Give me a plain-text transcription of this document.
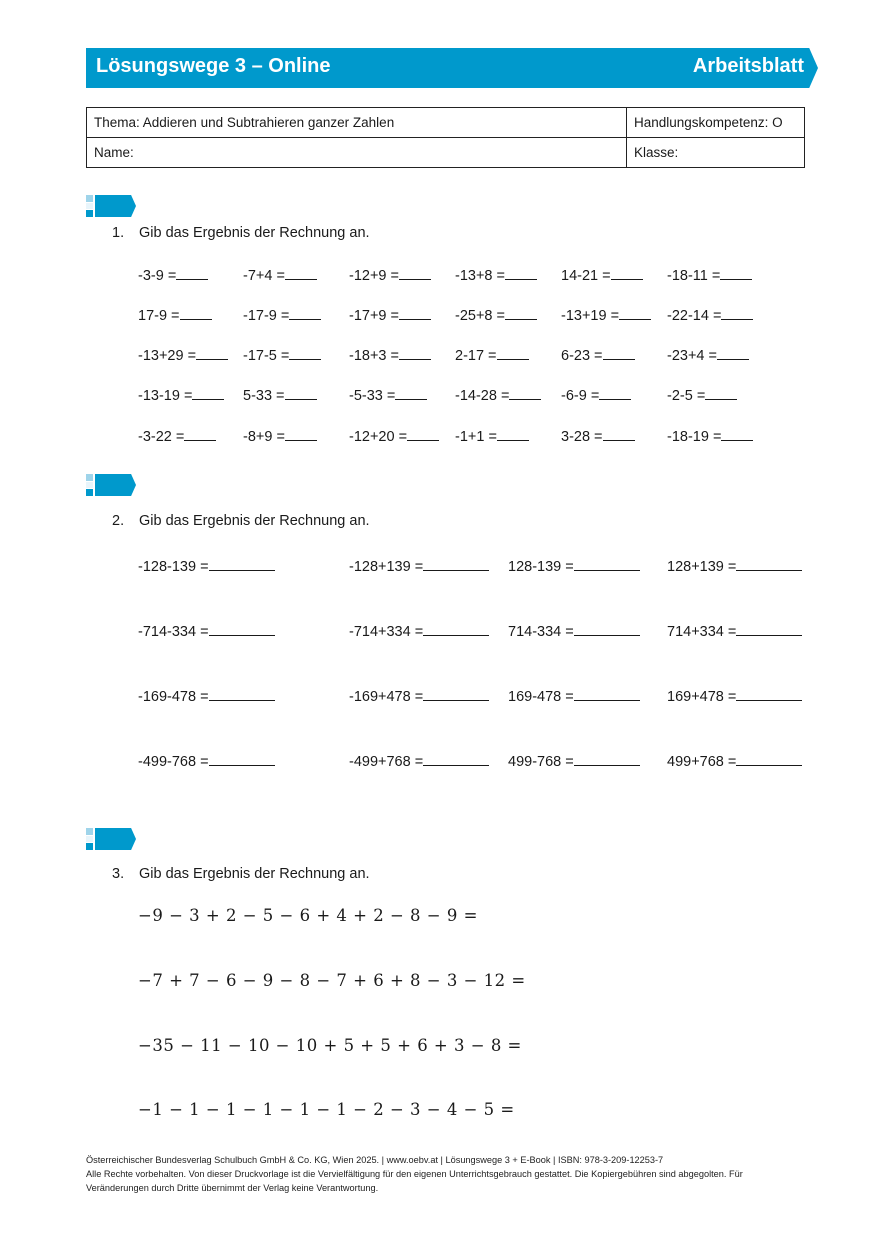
Lösungswege 3 – Online	Arbeitsblatt
Thema: Addieren und Subtrahieren ganzer Zahlen	Handlungskompetenz: O
Name:	Klasse:
1. Gib das Ergebnis der Rechnung an.
-3-9 =	-7+4 =	-12+9 =	-13+8 =	14-21 =	-18-11 =
17-9 =	-17-9 =	-17+9 =	-25+8 =	-13+19 =	-22-14 =
-13+29 =	-17-5 =	-18+3 =	2-17 =	6-23 =	-23+4 =
-13-19 =	5-33 =	-5-33 =	-14-28 =	-6-9 =	-2-5 =
-3-22 =	-8+9 =	-12+20 =	-1+1 =	3-28 =	-18-19 =
2. Gib das Ergebnis der Rechnung an.
-128-139 =	-128+139 =	128-139 =	128+139 =
-714-334 =	-714+334 =	714-334 =	714+334 =
-169-478 =	-169+478 =	169-478 =	169+478 =
-499-768 =	-499+768 =	499-768 =	499+768 =
3. Gib das Ergebnis der Rechnung an.
−9 − 3 + 2 − 5 − 6 + 4 + 2 − 8 − 9 =
−7 + 7 − 6 − 9 − 8 − 7 + 6 + 8 − 3 − 12 =
−35 − 11 − 10 − 10 + 5 + 5 + 6 + 3 − 8 =
−1 − 1 − 1 − 1 − 1 − 1 − 2 − 3 − 4 − 5 =
Österreichischer Bundesverlag Schulbuch GmbH & Co. KG, Wien 2025. | www.oebv.at | Lösungswege 3 + E-Book | ISBN: 978-3-209-12253-7
Alle Rechte vorbehalten. Von dieser Druckvorlage ist die Vervielfältigung für den eigenen Unterrichtsgebrauch gestattet. Die Kopiergebühren sind abgegolten. Für
Veränderungen durch Dritte übernimmt der Verlag keine Verantwortung.
